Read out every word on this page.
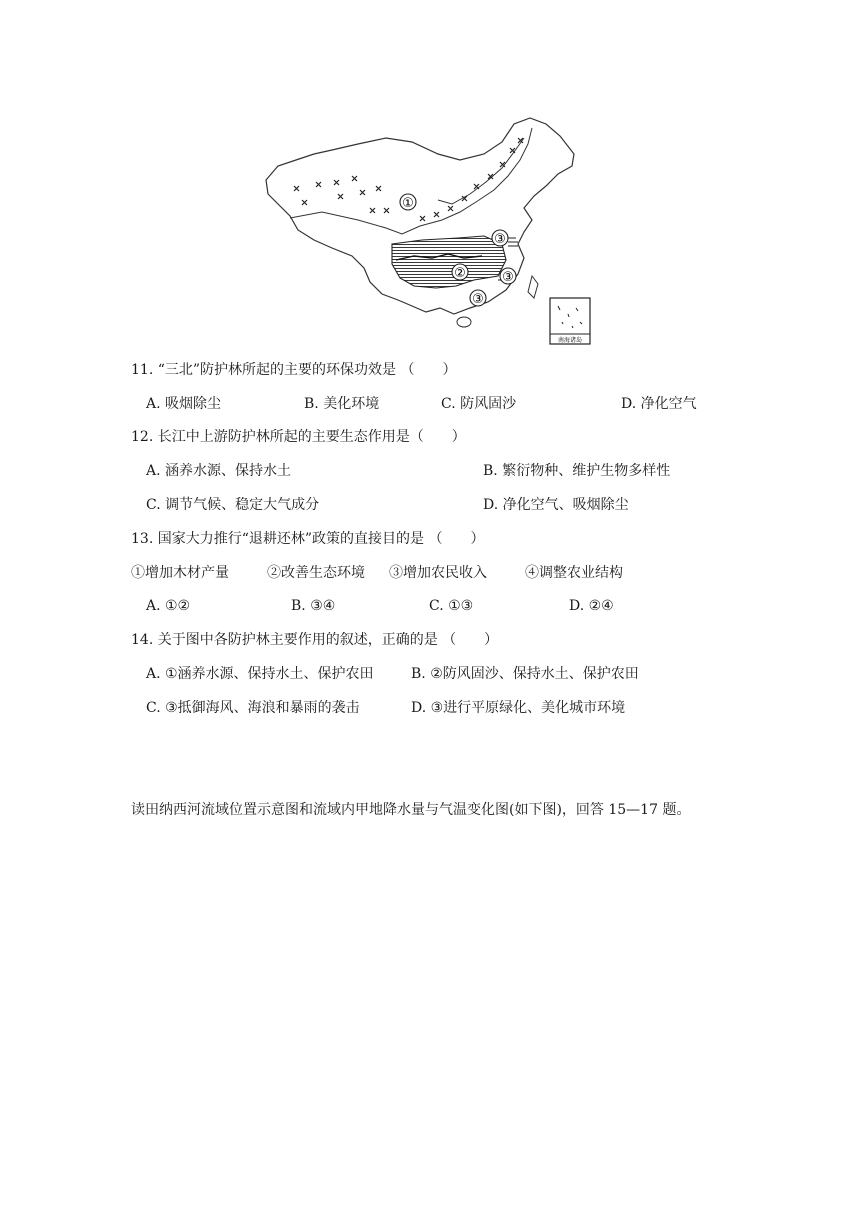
①
②
③
③
③
南海诸岛
11. “三北”防护林所起的主要的环保功效是 （　　）
A. 吸烟除尘	B. 美化环境	C. 防风固沙	D. 净化空气
12. 长江中上游防护林所起的主要生态作用是（　　）
A. 涵养水源、保持水土	B. 繁衍物种、维护生物多样性
C. 调节气候、稳定大气成分	D. 净化空气、吸烟除尘
13. 国家大力推行“退耕还林”政策的直接目的是 （　　）
①增加木材产量	②改善生态环境 ③增加农民收入	④调整农业结构
A. ①②	B. ③④	C. ①③	D. ②④
14. 关于图中各防护林主要作用的叙述，正确的是 （　　）
A. ①涵养水源、保持水土、保护农田	B. ②防风固沙、保持水土、保护农田
C. ③抵御海风、海浪和暴雨的袭击	D. ③进行平原绿化、美化城市环境
读田纳西河流域位置示意图和流域内甲地降水量与气温变化图(如下图)，回答 15—17 题。
